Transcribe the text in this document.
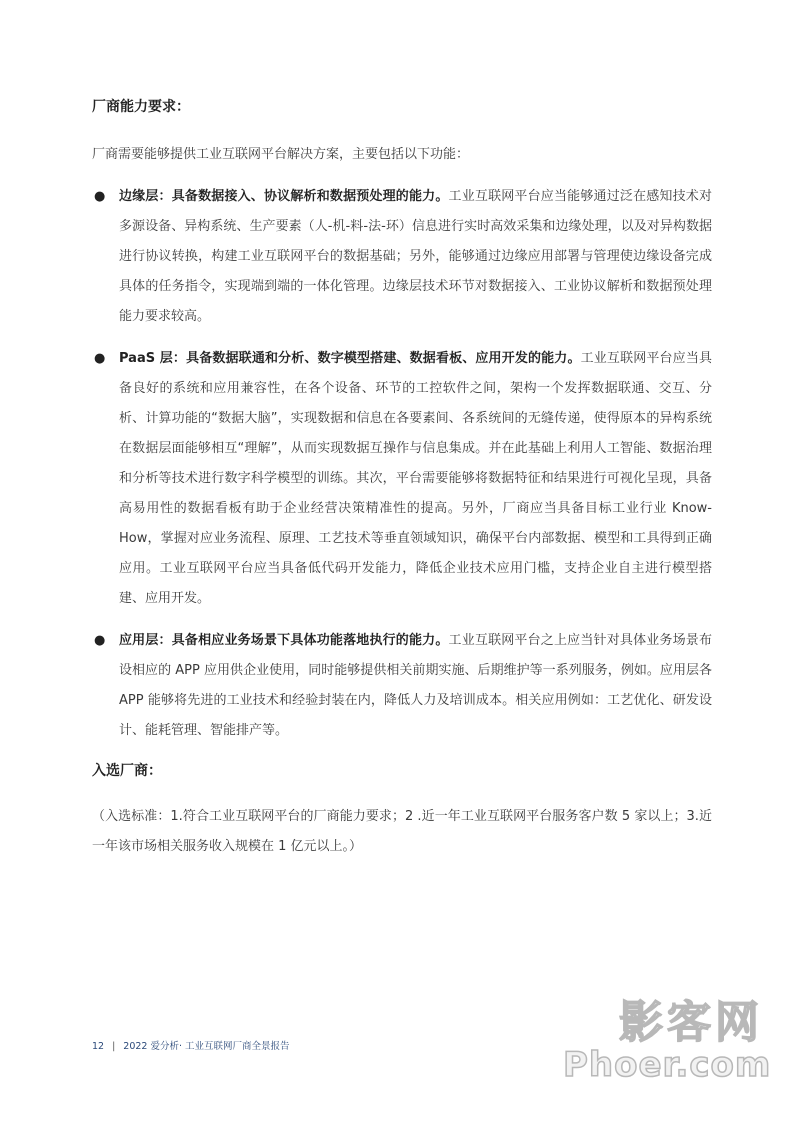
厂商能力要求：

厂商需要能够提供工业互联网平台解决方案，主要包括以下功能：

● 边缘层：具备数据接入、协议解析和数据预处理的能力。工业互联网平台应当能够通过泛在感知技术对多源设备、异构系统、生产要素（人-机-料-法-环）信息进行实时高效采集和边缘处理，以及对异构数据进行协议转换，构建工业互联网平台的数据基础；另外，能够通过边缘应用部署与管理使边缘设备完成具体的任务指令，实现端到端的一体化管理。边缘层技术环节对数据接入、工业协议解析和数据预处理能力要求较高。
● PaaS 层：具备数据联通和分析、数字模型搭建、数据看板、应用开发的能力。工业互联网平台应当具备良好的系统和应用兼容性，在各个设备、环节的工控软件之间，架构一个发挥数据联通、交互、分析、计算功能的“数据大脑”，实现数据和信息在各要素间、各系统间的无缝传递，使得原本的异构系统在数据层面能够相互“理解”，从而实现数据互操作与信息集成。并在此基础上利用人工智能、数据治理和分析等技术进行数字科学模型的训练。其次，平台需要能够将数据特征和结果进行可视化呈现，具备高易用性的数据看板有助于企业经营决策精准性的提高。另外，厂商应当具备目标工业行业 Know-How，掌握对应业务流程、原理、工艺技术等垂直领域知识，确保平台内部数据、模型和工具得到正确应用。工业互联网平台应当具备低代码开发能力，降低企业技术应用门槛，支持企业自主进行模型搭建、应用开发。
● 应用层：具备相应业务场景下具体功能落地执行的能力。工业互联网平台之上应当针对具体业务场景布设相应的 APP 应用供企业使用，同时能够提供相关前期实施、后期维护等一系列服务，例如。应用层各 APP 能够将先进的工业技术和经验封装在内，降低人力及培训成本。相关应用例如：工艺优化、研发设计、能耗管理、智能排产等。
入选厂商：

（入选标准：1.符合工业互联网平台的厂商能力要求；2 .近一年工业互联网平台服务客户数 5 家以上；3.近一年该市场相关服务收入规模在 1 亿元以上。）

12 | 2022 爱分析· 工业互联网厂商全景报告	影客网
Phoer.com
